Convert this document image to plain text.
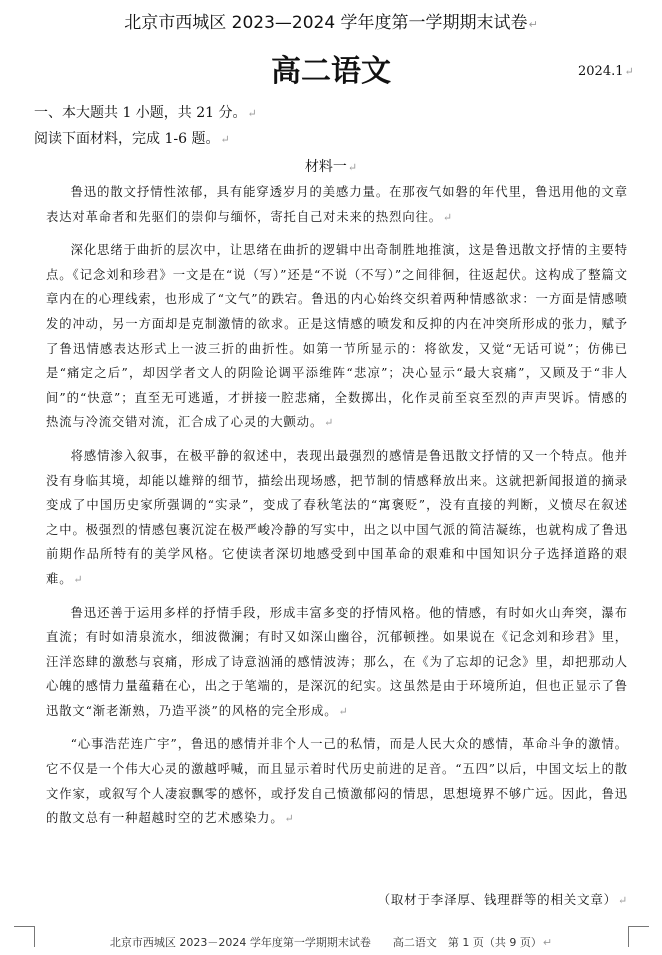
北京市西城区 2023—2024 学年度第一学期期末试卷↵
高二语文	2024.1↵
一、本大题共 1 小题，共 21 分。↵
阅读下面材料，完成 1-6 题。↵
材料一↵

鲁迅的散文抒情性浓郁，具有能穿透岁月的美感力量。在那夜气如磐的年代里，鲁迅用他的文章表达对革命者和先驱们的崇仰与缅怀，寄托自己对未来的热烈向往。↵

深化思绪于曲折的层次中，让思绪在曲折的逻辑中出奇制胜地推演，这是鲁迅散文抒情的主要特点。《记念刘和珍君》一文是在“说（写）”还是“不说（不写）”之间徘徊，往返起伏。这构成了整篇文章内在的心理线索，也形成了“文气”的跌宕。鲁迅的内心始终交织着两种情感欲求：一方面是情感喷发的冲动，另一方面却是克制激情的欲求。正是这情感的喷发和反抑的内在冲突所形成的张力，赋予了鲁迅情感表达形式上一波三折的曲折性。如第一节所显示的：将欲发，又觉“无话可说”；仿佛已是“痛定之后”，却因学者文人的阴险论调平添维阵“悲凉”；决心显示“最大哀痛”，又顾及于“非人间”的“快意”；直至无可逃遁，才拼接一腔悲痛，全数掷出，化作灵前至哀至烈的声声哭诉。情感的热流与冷流交错对流，汇合成了心灵的大颤动。↵

将感情渗入叙事，在极平静的叙述中，表现出最强烈的感情是鲁迅散文抒情的又一个特点。他并没有身临其境，却能以雄辩的细节，描绘出现场感，把节制的情感释放出来。这就把新闻报道的摘录变成了中国历史家所强调的“实录”，变成了春秋笔法的“寓褒贬”，没有直接的判断，义愤尽在叙述之中。极强烈的情感包裹沉淀在极严峻冷静的写实中，出之以中国气派的简洁凝练，也就构成了鲁迅前期作品所特有的美学风格。它使读者深切地感受到中国革命的艰难和中国知识分子选择道路的艰难。↵

鲁迅还善于运用多样的抒情手段，形成丰富多变的抒情风格。他的情感，有时如火山奔突，瀑布直流；有时如清泉流水，细波微澜；有时又如深山幽谷，沉郁顿挫。如果说在《记念刘和珍君》里，汪洋恣肆的激愁与哀痛，形成了诗意汹涌的感情波涛；那么，在《为了忘却的记念》里，却把那动人心魄的感情力量蕴藉在心，出之于笔端的，是深沉的纪实。这虽然是由于环境所迫，但也正显示了鲁迅散文“渐老渐熟，乃造平淡”的风格的完全形成。↵

“心事浩茫连广宇”，鲁迅的感情并非个人一己的私情，而是人民大众的感情，革命斗争的激情。它不仅是一个伟大心灵的激越呼喊，而且显示着时代历史前进的足音。“五四”以后，中国文坛上的散文作家，或叙写个人凄寂飘零的感怀，或抒发自己愤激郁闷的情思，思想境界不够广远。因此，鲁迅的散文总有一种超越时空的艺术感染力。↵

（取材于李泽厚、钱理群等的相关文章）↵
北京市西城区 2023－2024 学年度第一学期期末试卷　　高二语文　第 1 页（共 9 页）↵
